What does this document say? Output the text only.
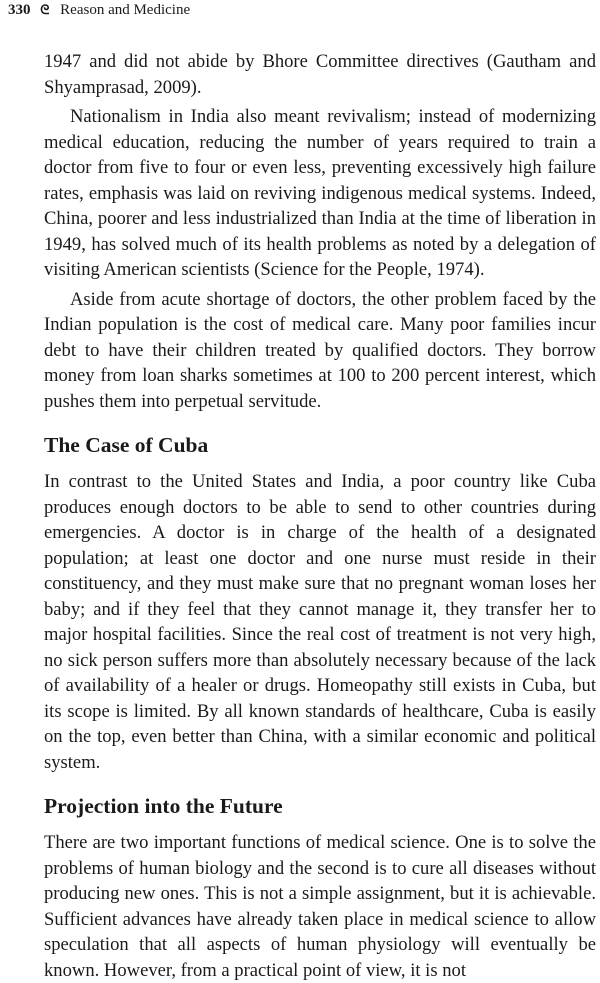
330 ᘓ Reason and Medicine

1947 and did not abide by Bhore Committee directives (Gautham and Shyamprasad, 2009).

Nationalism in India also meant revivalism; instead of modernizing medical education, reducing the number of years required to train a doctor from five to four or even less, preventing excessively high failure rates, emphasis was laid on reviving indigenous medical systems. Indeed, China, poorer and less industrialized than India at the time of liberation in 1949, has solved much of its health problems as noted by a delegation of visiting American scientists (Science for the People, 1974).

Aside from acute shortage of doctors, the other problem faced by the Indian population is the cost of medical care. Many poor families incur debt to have their children treated by qualified doctors. They borrow money from loan sharks sometimes at 100 to 200 percent interest, which pushes them into perpetual servitude.

The Case of Cuba

In contrast to the United States and India, a poor country like Cuba produces enough doctors to be able to send to other countries during emergencies. A doctor is in charge of the health of a designated population; at least one doctor and one nurse must reside in their constituency, and they must make sure that no pregnant woman loses her baby; and if they feel that they cannot manage it, they transfer her to major hospital facilities. Since the real cost of treatment is not very high, no sick person suffers more than absolutely necessary because of the lack of availability of a healer or drugs. Homeopathy still exists in Cuba, but its scope is limited. By all known standards of healthcare, Cuba is easily on the top, even better than China, with a similar economic and political system.

Projection into the Future

There are two important functions of medical science. One is to solve the problems of human biology and the second is to cure all diseases without producing new ones. This is not a simple assignment, but it is achievable. Sufficient advances have already taken place in medical science to allow speculation that all aspects of human physiology will eventually be known. However, from a practical point of view, it is not
